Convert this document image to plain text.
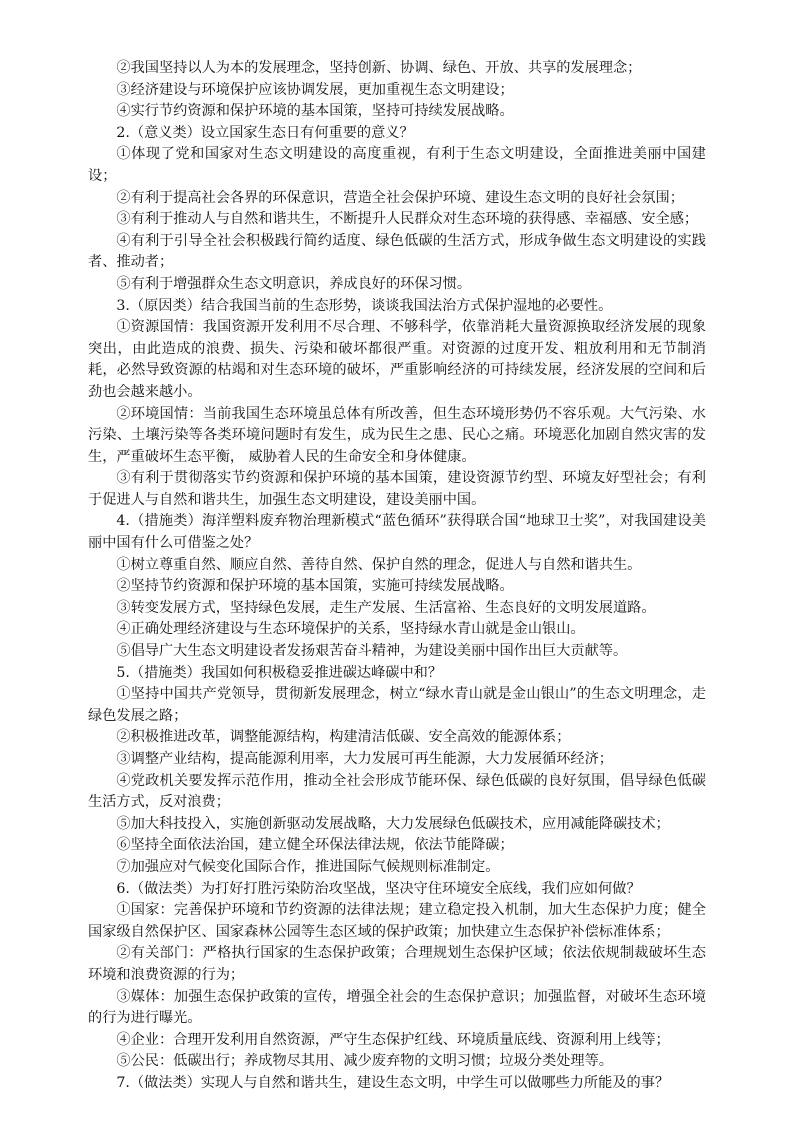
②我国坚持以人为本的发展理念，坚持创新、协调、绿色、开放、共享的发展理念；

③经济建设与环境保护应该协调发展，更加重视生态文明建设；

④实行节约资源和保护环境的基本国策，坚持可持续发展战略。

2.（意义类）设立国家生态日有何重要的意义？

①体现了党和国家对生态文明建设的高度重视，有利于生态文明建设，全面推进美丽中国建设；

②有利于提高社会各界的环保意识，营造全社会保护环境、建设生态文明的良好社会氛围；

③有利于推动人与自然和谐共生，不断提升人民群众对生态环境的获得感、幸福感、安全感；

④有利于引导全社会积极践行简约适度、绿色低碳的生活方式，形成争做生态文明建设的实践者、推动者；

⑤有利于增强群众生态文明意识，养成良好的环保习惯。

3.（原因类）结合我国当前的生态形势，谈谈我国法治方式保护湿地的必要性。

①资源国情：我国资源开发利用不尽合理、不够科学，依靠消耗大量资源换取经济发展的现象突出，由此造成的浪费、损失、污染和破坏都很严重。对资源的过度开发、粗放利用和无节制消耗，必然导致资源的枯竭和对生态环境的破坏，严重影响经济的可持续发展，经济发展的空间和后劲也会越来越小。

②环境国情：当前我国生态环境虽总体有所改善，但生态环境形势仍不容乐观。大气污染、水污染、土壤污染等各类环境问题时有发生，成为民生之患、民心之痛。环境恶化加剧自然灾害的发生，严重破坏生态平衡， 威胁着人民的生命安全和身体健康。

③有利于贯彻落实节约资源和保护环境的基本国策，建设资源节约型、环境友好型社会；有利于促进人与自然和谐共生，加强生态文明建设，建设美丽中国。

4.（措施类）海洋塑料废弃物治理新模式“蓝色循环”获得联合国“地球卫士奖”，对我国建设美丽中国有什么可借鉴之处？

①树立尊重自然、顺应自然、善待自然、保护自然的理念，促进人与自然和谐共生。

②坚持节约资源和保护环境的基本国策，实施可持续发展战略。

③转变发展方式，坚持绿色发展，走生产发展、生活富裕、生态良好的文明发展道路。

④正确处理经济建设与生态环境保护的关系，坚持绿水青山就是金山银山。

⑤倡导广大生态文明建设者发扬艰苦奋斗精神，为建设美丽中国作出巨大贡献等。

5.（措施类）我国如何积极稳妥推进碳达峰碳中和？

①坚持中国共产党领导，贯彻新发展理念，树立“绿水青山就是金山银山”的生态文明理念，走绿色发展之路；

②积极推进改革，调整能源结构，构建清洁低碳、安全高效的能源体系；

③调整产业结构，提高能源利用率，大力发展可再生能源，大力发展循环经济；

④党政机关要发挥示范作用，推动全社会形成节能环保、绿色低碳的良好氛围，倡导绿色低碳生活方式，反对浪费；

⑤加大科技投入，实施创新驱动发展战略，大力发展绿色低碳技术，应用减能降碳技术；

⑥坚持全面依法治国，建立健全环保法律法规，依法节能降碳；

⑦加强应对气候变化国际合作，推进国际气候规则标准制定。

6.（做法类）为打好打胜污染防治攻坚战，坚决守住环境安全底线，我们应如何做？

①国家：完善保护环境和节约资源的法律法规；建立稳定投入机制，加大生态保护力度；健全国家级自然保护区、国家森林公园等生态区域的保护政策；加快建立生态保护补偿标准体系；

②有关部门：严格执行国家的生态保护政策；合理规划生态保护区域；依法依规制裁破坏生态环境和浪费资源的行为；

③媒体：加强生态保护政策的宣传，增强全社会的生态保护意识；加强监督，对破坏生态环境的行为进行曝光。

④企业：合理开发利用自然资源，严守生态保护红线、环境质量底线、资源利用上线等；

⑤公民：低碳出行；养成物尽其用、减少废弃物的文明习惯；垃圾分类处理等。

7.（做法类）实现人与自然和谐共生，建设生态文明，中学生可以做哪些力所能及的事？
